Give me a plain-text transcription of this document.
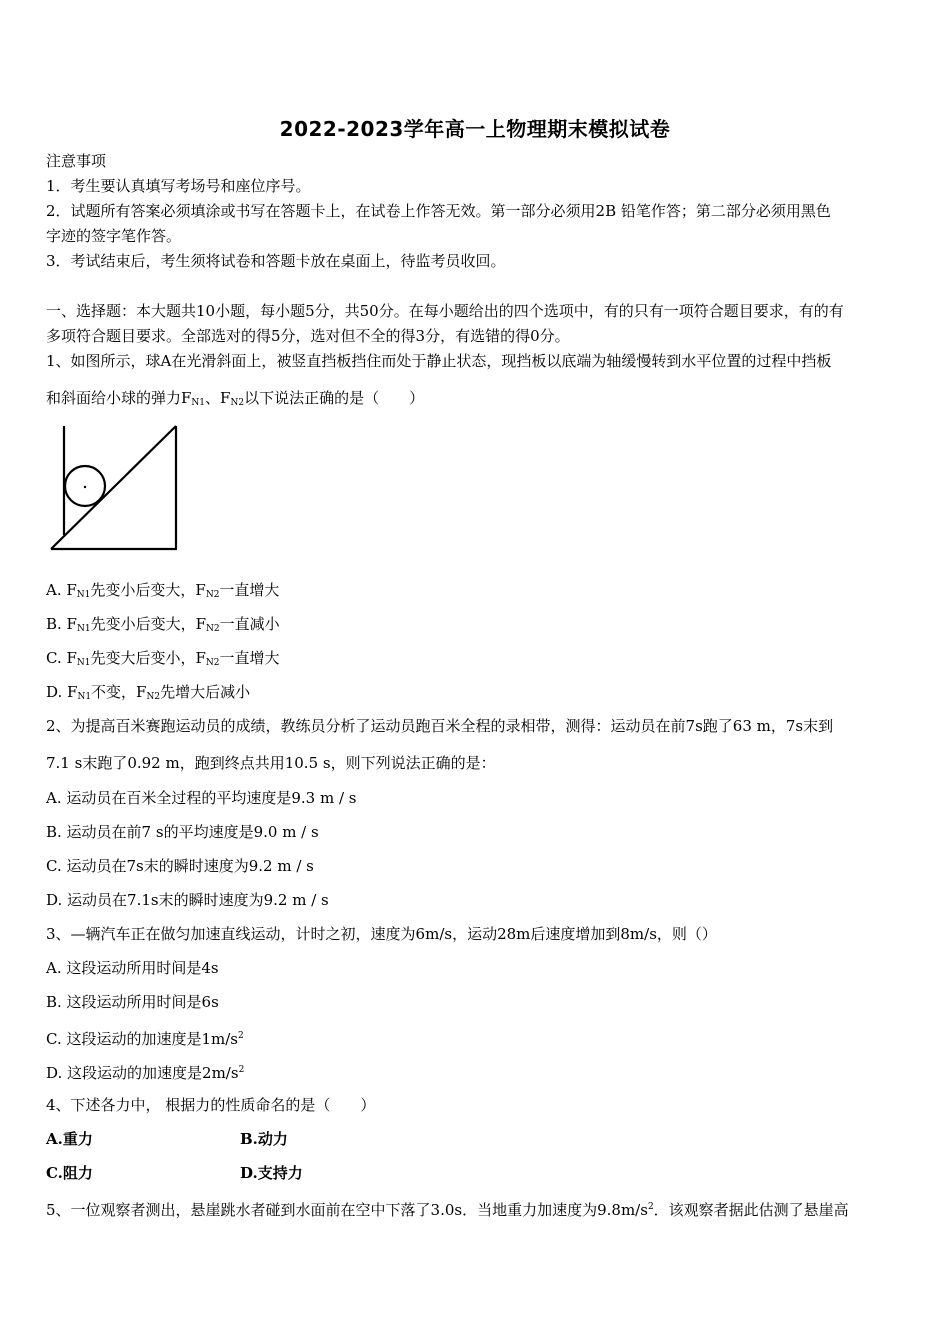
2022-2023学年高一上物理期末模拟试卷
注意事项
1．考生要认真填写考场号和座位序号。
2．试题所有答案必须填涂或书写在答题卡上，在试卷上作答无效。第一部分必须用2B 铅笔作答；第二部分必须用黑色
字迹的签字笔作答。
3．考试结束后，考生须将试卷和答题卡放在桌面上，待监考员收回。
一、选择题：本大题共10小题，每小题5分，共50分。在每小题给出的四个选项中，有的只有一项符合题目要求，有的有
多项符合题目要求。全部选对的得5分，选对但不全的得3分，有选错的得0分。
1、如图所示，球A在光滑斜面上，被竖直挡板挡住而处于静止状态，现挡板以底端为轴缓慢转到水平位置的过程中挡板
和斜面给小球的弹力$F_{N1}$、$F_{N2}$以下说法正确的是（　　）
A. $F_{N1}$先变小后变大，$F_{N2}$一直增大
B. $F_{N1}$先变小后变大，$F_{N2}$一直减小
C. $F_{N1}$先变大后变小，$F_{N2}$一直增大
D. $F_{N1}$不变，$F_{N2}$先增大后减小
2、为提高百米赛跑运动员的成绩，教练员分析了运动员跑百米全程的录相带，测得：运动员在前7s跑了63 m，7s末到
7.1 s末跑了0.92 m，跑到终点共用10.5 s，则下列说法正确的是：
A. 运动员在百米全过程的平均速度是9.3 m / s
B. 运动员在前7 s的平均速度是9.0 m / s
C. 运动员在7s末的瞬时速度为9.2 m / s
D. 运动员在7.1s末的瞬时速度为9.2 m / s
3、—辆汽车正在做匀加速直线运动，计时之初，速度为6m/s，运动28m后速度增加到8m/s，则（）
A. 这段运动所用时间是4s
B. 这段运动所用时间是6s
C. 这段运动的加速度是$1m/s^2$
D. 这段运动的加速度是$2m/s^2$
4、下述各力中， 根据力的性质命名的是（　　）
A.重力	B.动力
C.阻力	D.支持力
5、一位观察者测出，悬崖跳水者碰到水面前在空中下落了3.0s．当地重力加速度为$9.8m/s^2$．该观察者据此估测了悬崖高
